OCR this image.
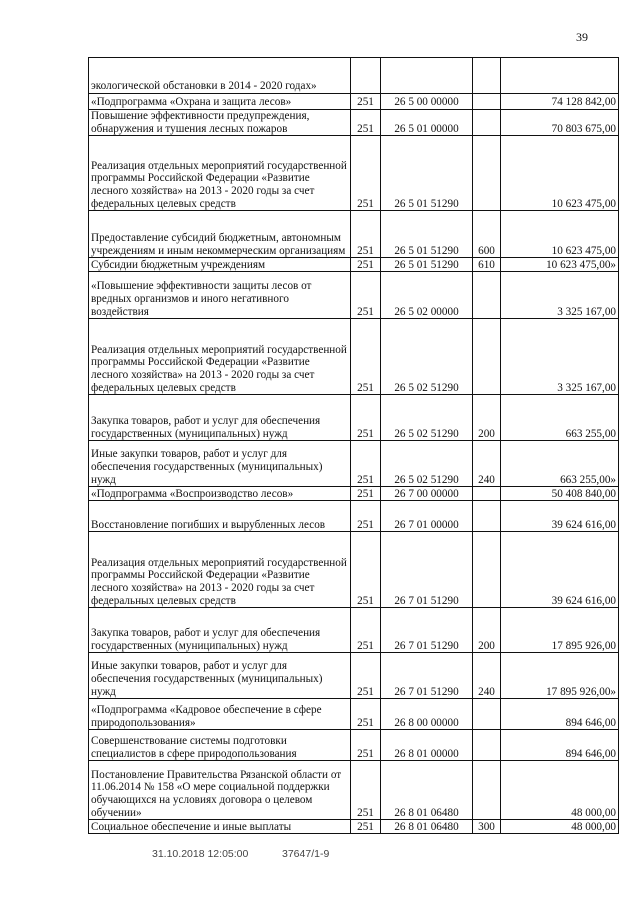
39
экологической обстановки в 2014 - 2020 годах»				
«Подпрограмма «Охрана и защита лесов»	251	26 5 00 00000		74 128 842,00
Повышение эффективности предупреждения, обнаружения и тушения лесных пожаров	251	26 5 01 00000		70 803 675,00
Реализация отдельных мероприятий государственной программы Российской Федерации «Развитие лесного хозяйства» на 2013 - 2020 годы за счет федеральных целевых средств	251	26 5 01 51290		10 623 475,00
Предоставление субсидий бюджетным, автономным учреждениям и иным некоммерческим организациям	251	26 5 01 51290	600	10 623 475,00
Субсидии бюджетным учреждениям	251	26 5 01 51290	610	10 623 475,00»
«Повышение эффективности защиты лесов от вредных организмов и иного негативного воздействия	251	26 5 02 00000		3 325 167,00
Реализация отдельных мероприятий государственной программы Российской Федерации «Развитие лесного хозяйства» на 2013 - 2020 годы за счет федеральных целевых средств	251	26 5 02 51290		3 325 167,00
Закупка товаров, работ и услуг для обеспечения государственных (муниципальных) нужд	251	26 5 02 51290	200	663 255,00
Иные закупки товаров, работ и услуг для обеспечения государственных (муниципальных) нужд	251	26 5 02 51290	240	663 255,00»
«Подпрограмма «Воспроизводство лесов»	251	26 7 00 00000		50 408 840,00
Восстановление погибших и вырубленных лесов	251	26 7 01 00000		39 624 616,00
Реализация отдельных мероприятий государственной программы Российской Федерации «Развитие лесного хозяйства» на 2013 - 2020 годы за счет федеральных целевых средств	251	26 7 01 51290		39 624 616,00
Закупка товаров, работ и услуг для обеспечения государственных (муниципальных) нужд	251	26 7 01 51290	200	17 895 926,00
Иные закупки товаров, работ и услуг для обеспечения государственных (муниципальных) нужд	251	26 7 01 51290	240	17 895 926,00»
«Подпрограмма «Кадровое обеспечение в сфере природопользования»	251	26 8 00 00000		894 646,00
Совершенствование системы подготовки специалистов в сфере природопользования	251	26 8 01 00000		894 646,00
Постановление Правительства Рязанской области от 11.06.2014 № 158 «О мере социальной поддержки обучающихся на условиях договора о целевом обучении»	251	26 8 01 06480		48 000,00
Социальное обеспечение и иные выплаты	251	26 8 01 06480	300	48 000,00
31.10.2018 12:05:00	37647/1-9
